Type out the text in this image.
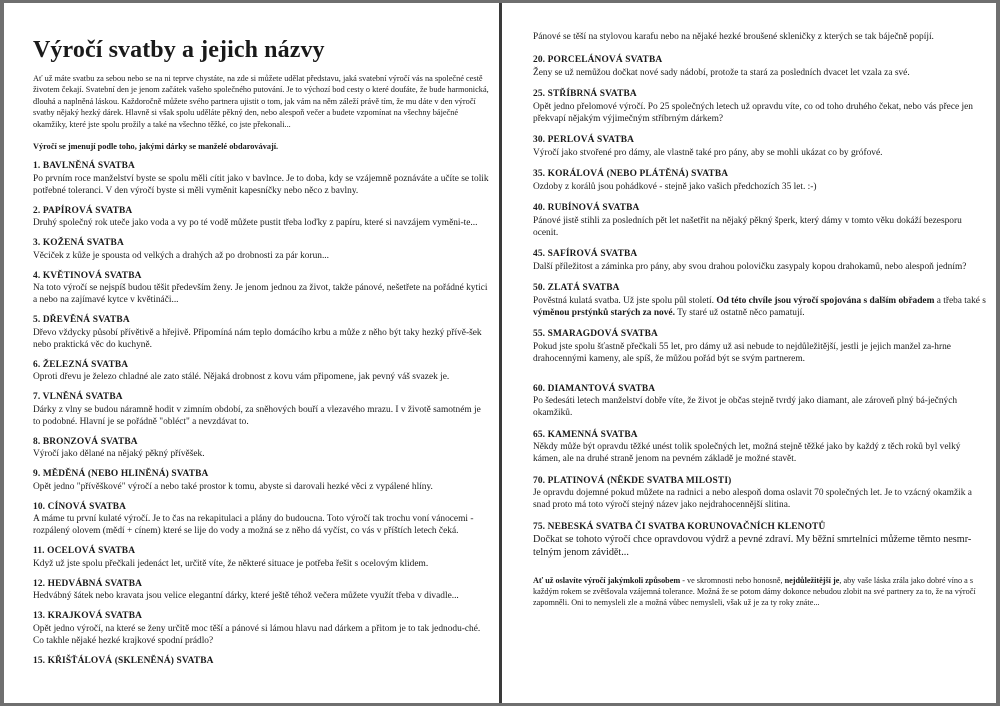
Výročí svatby a jejich názvy

Ať už máte svatbu za sebou nebo se na ni teprve chystáte, na zde si můžete udělat představu, jaká svatební výročí vás na společné cestě životem čekají. Svatební den je jenom začátek vašeho společného putování. Je to výchozí bod cesty o které doufáte, že bude harmonická, dlouhá a naplněná láskou. Každoročně můžete svého partnera ujistit o tom, jak vám na něm záleží právě tím, že mu dáte v den výročí svatby nějaký hezký dárek. Hlavně si však spolu uděláte pěkný den, nebo alespoň večer a budete vzpomínat na všechny báječné okamžiky, které jste spolu prožily a také na všechno těžké, co jste překonali...

Výročí se jmenují podle toho, jakými dárky se manželé obdarovávají.

1. BAVLNĚNÁ SVATBA

Po prvním roce manželství byste se spolu měli cítit jako v bavlnce. Je to doba, kdy se vzájemně poznáváte a učíte se tolik potřebné toleranci. V den výročí byste si měli vyměnit kapesníčky nebo něco z bavlny.

2. PAPÍROVÁ SVATBA

Druhý společný rok uteče jako voda a vy po té vodě můžete pustit třeba loďky z papíru, které si navzájem vyměni-te...

3. KOŽENÁ SVATBA

Věciček z kůže je spousta od velkých a drahých až po drobnosti za pár korun...

4. KVĚTINOVÁ SVATBA

Na toto výročí se nejspíš budou těšit především ženy. Je jenom jednou za život, takže pánové, nešetřete na pořádné kytici a nebo na zajímavé kytce v květináči...

5. DŘEVĚNÁ SVATBA

Dřevo vždycky působí přívětivě a hřejivě. Připomíná nám teplo domácího krbu a může z něho být taky hezký přívě-šek nebo praktická věc do kuchyně.

6. ŽELEZNÁ SVATBA

Oproti dřevu je železo chladné ale zato stálé. Nějaká drobnost z kovu vám připomene, jak pevný váš svazek je.

7. VLNĚNÁ SVATBA

Dárky z vlny se budou náramně hodit v zimním období, za sněhových bouří a vlezavého mrazu. I v životě samotném je to podobné. Hlavní je se pořádně "obléct" a nevzdávat to.

8. BRONZOVÁ SVATBA

Výročí jako dělané na nějaký pěkný přívěšek.

9. MĚDĚNÁ (NEBO HLINĚNÁ) SVATBA

Opět jedno "přívěškové" výročí a nebo také prostor k tomu, abyste si darovali hezké věci z vypálené hlíny.

10. CÍNOVÁ SVATBA

A máme tu první kulaté výročí. Je to čas na rekapitulaci a plány do budoucna. Toto výročí tak trochu voní vánocemi - rozpálený olovem (mědí + cínem) které se lije do vody a možná se z něho dá vyčíst, co vás v příštích letech čeká.

11. OCELOVÁ SVATBA

Když už jste spolu přečkali jedenáct let, určitě víte, že některé situace je potřeba řešit s ocelovým klidem.

12. HEDVÁBNÁ SVATBA

Hedvábný šátek nebo kravata jsou velice elegantní dárky, které ještě téhož večera můžete využít třeba v divadle...

13. KRAJKOVÁ SVATBA

Opět jedno výročí, na které se ženy určitě moc těší a pánové si lámou hlavu nad dárkem a přitom je to tak jednodu-ché. Co takhle nějaké hezké krajkové spodní prádlo?

15. KŘIŠŤÁLOVÁ (SKLENĚNÁ) SVATBA

Pánové se těší na stylovou karafu nebo na nějaké hezké broušené skleničky z kterých se tak báječně popíjí.

20. PORCELÁNOVÁ SVATBA

Ženy se už nemůžou dočkat nové sady nádobí, protože ta stará za posledních dvacet let vzala za své.

25. STŘÍBRNÁ SVATBA

Opět jedno přelomové výročí. Po 25 společných letech už opravdu víte, co od toho druhého čekat, nebo vás přece jen překvapí nějakým výjimečným stříbrným dárkem?

30. PERLOVÁ SVATBA

Výročí jako stvořené pro dámy, ale vlastně také pro pány, aby se mohli ukázat co by grófové.

35. KORÁLOVÁ (NEBO PLÁTĚNÁ) SVATBA

Ozdoby z korálů jsou pohádkové - stejně jako vašich předchozích 35 let. :-)

40. RUBÍNOVÁ SVATBA

Pánové jistě stihli za posledních pět let našetřit na nějaký pěkný šperk, který dámy v tomto věku dokáží bezesporu ocenit.

45. SAFÍROVÁ SVATBA

Další příležitost a záminka pro pány, aby svou drahou polovičku zasypaly kopou drahokamů, nebo alespoň jedním?

50. ZLATÁ SVATBA

Pověstná kulatá svatba. Už jste spolu půl století. Od této chvíle jsou výročí spojována s dalším obřadem a třeba také s výměnou prstýnků starých za nové. Ty staré už ostatně něco pamatují.

55. SMARAGDOVÁ SVATBA

Pokud jste spolu šťastně přečkali 55 let, pro dámy už asi nebude to nejdůležitější, jestli je jejich manžel za-hrne drahocennými kameny, ale spíš, že můžou pořád být se svým partnerem.

60. DIAMANTOVÁ SVATBA

Po šedesáti letech manželství dobře víte, že život je občas stejně tvrdý jako diamant, ale zároveň plný bá-ječných okamžiků.

65. KAMENNÁ SVATBA

Někdy může být opravdu těžké unést tolik společných let, možná stejně těžké jako by každý z těch roků byl velký kámen, ale na druhé straně jenom na pevném základě je možné stavět.

70. PLATINOVÁ (NĚKDE SVATBA MILOSTI)

Je opravdu dojemné pokud můžete na radnici a nebo alespoň doma oslavit 70 společných let. Je to vzácný okamžik a snad proto má toto výročí stejný název jako nejdrahocennější slitina.

75. NEBESKÁ SVATBA ČI SVATBA KORUNOVAČNÍCH KLENOTŮ

Dočkat se tohoto výročí chce opravdovou výdrž a pevné zdraví. My běžní smrtelníci můžeme těmto nesmr-telným jenom závidět...

Ať už oslavíte výročí jakýmkoli způsobem - ve skromnosti nebo honosně, nejdůležitější je, aby vaše láska zrála jako dobré víno a s každým rokem se zvětšovala vzájemná tolerance. Možná že se potom dámy dokonce nebudou zlobit na své partnery za to, že na výročí zapomněli. Oni to nemysleli zle a možná vůbec nemysleli, však už je za ty roky znáte...
